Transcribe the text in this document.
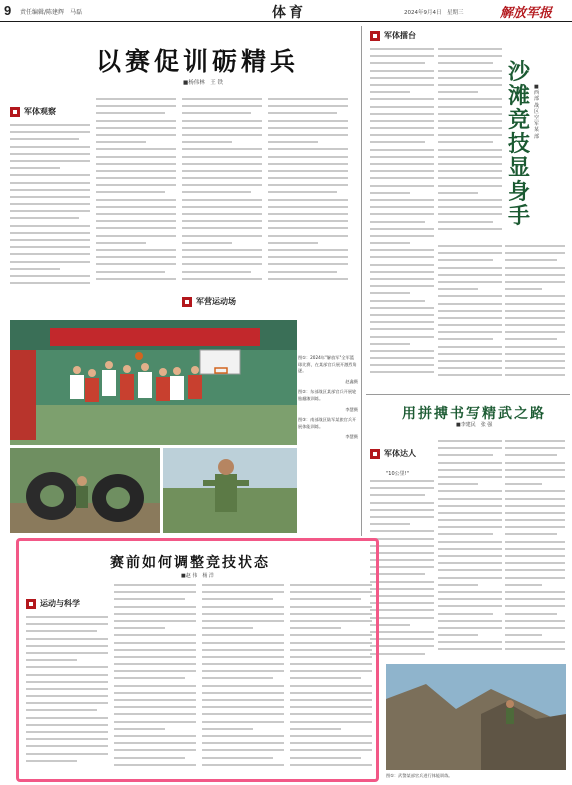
9 责任编辑/陈建辉　马磊	体育	2024年9月4日　星期三	解放军报
以赛促训砺精兵
■杨伟林　王 铁
军体观察
军营运动场
图①：2024年"解放军"全军篮球比赛，在某部官兵展开激烈角逐。
赵鑫摄
图②：东部战区某部官兵开展轮胎翻滚训练。
李慧摄
图③：南部战区陆军某旅官兵开展体能训练。
李慧摄
军体擂台
沙滩竞技显身手
■西部战区空军某部
用拼搏书写精武之路
■李建民　张 强
军体达人
"10公里!"
图①：武警某部官兵进行体能训练。
赛前如何调整竞技状态
■赵 伟　杨 洋
运动与科学
